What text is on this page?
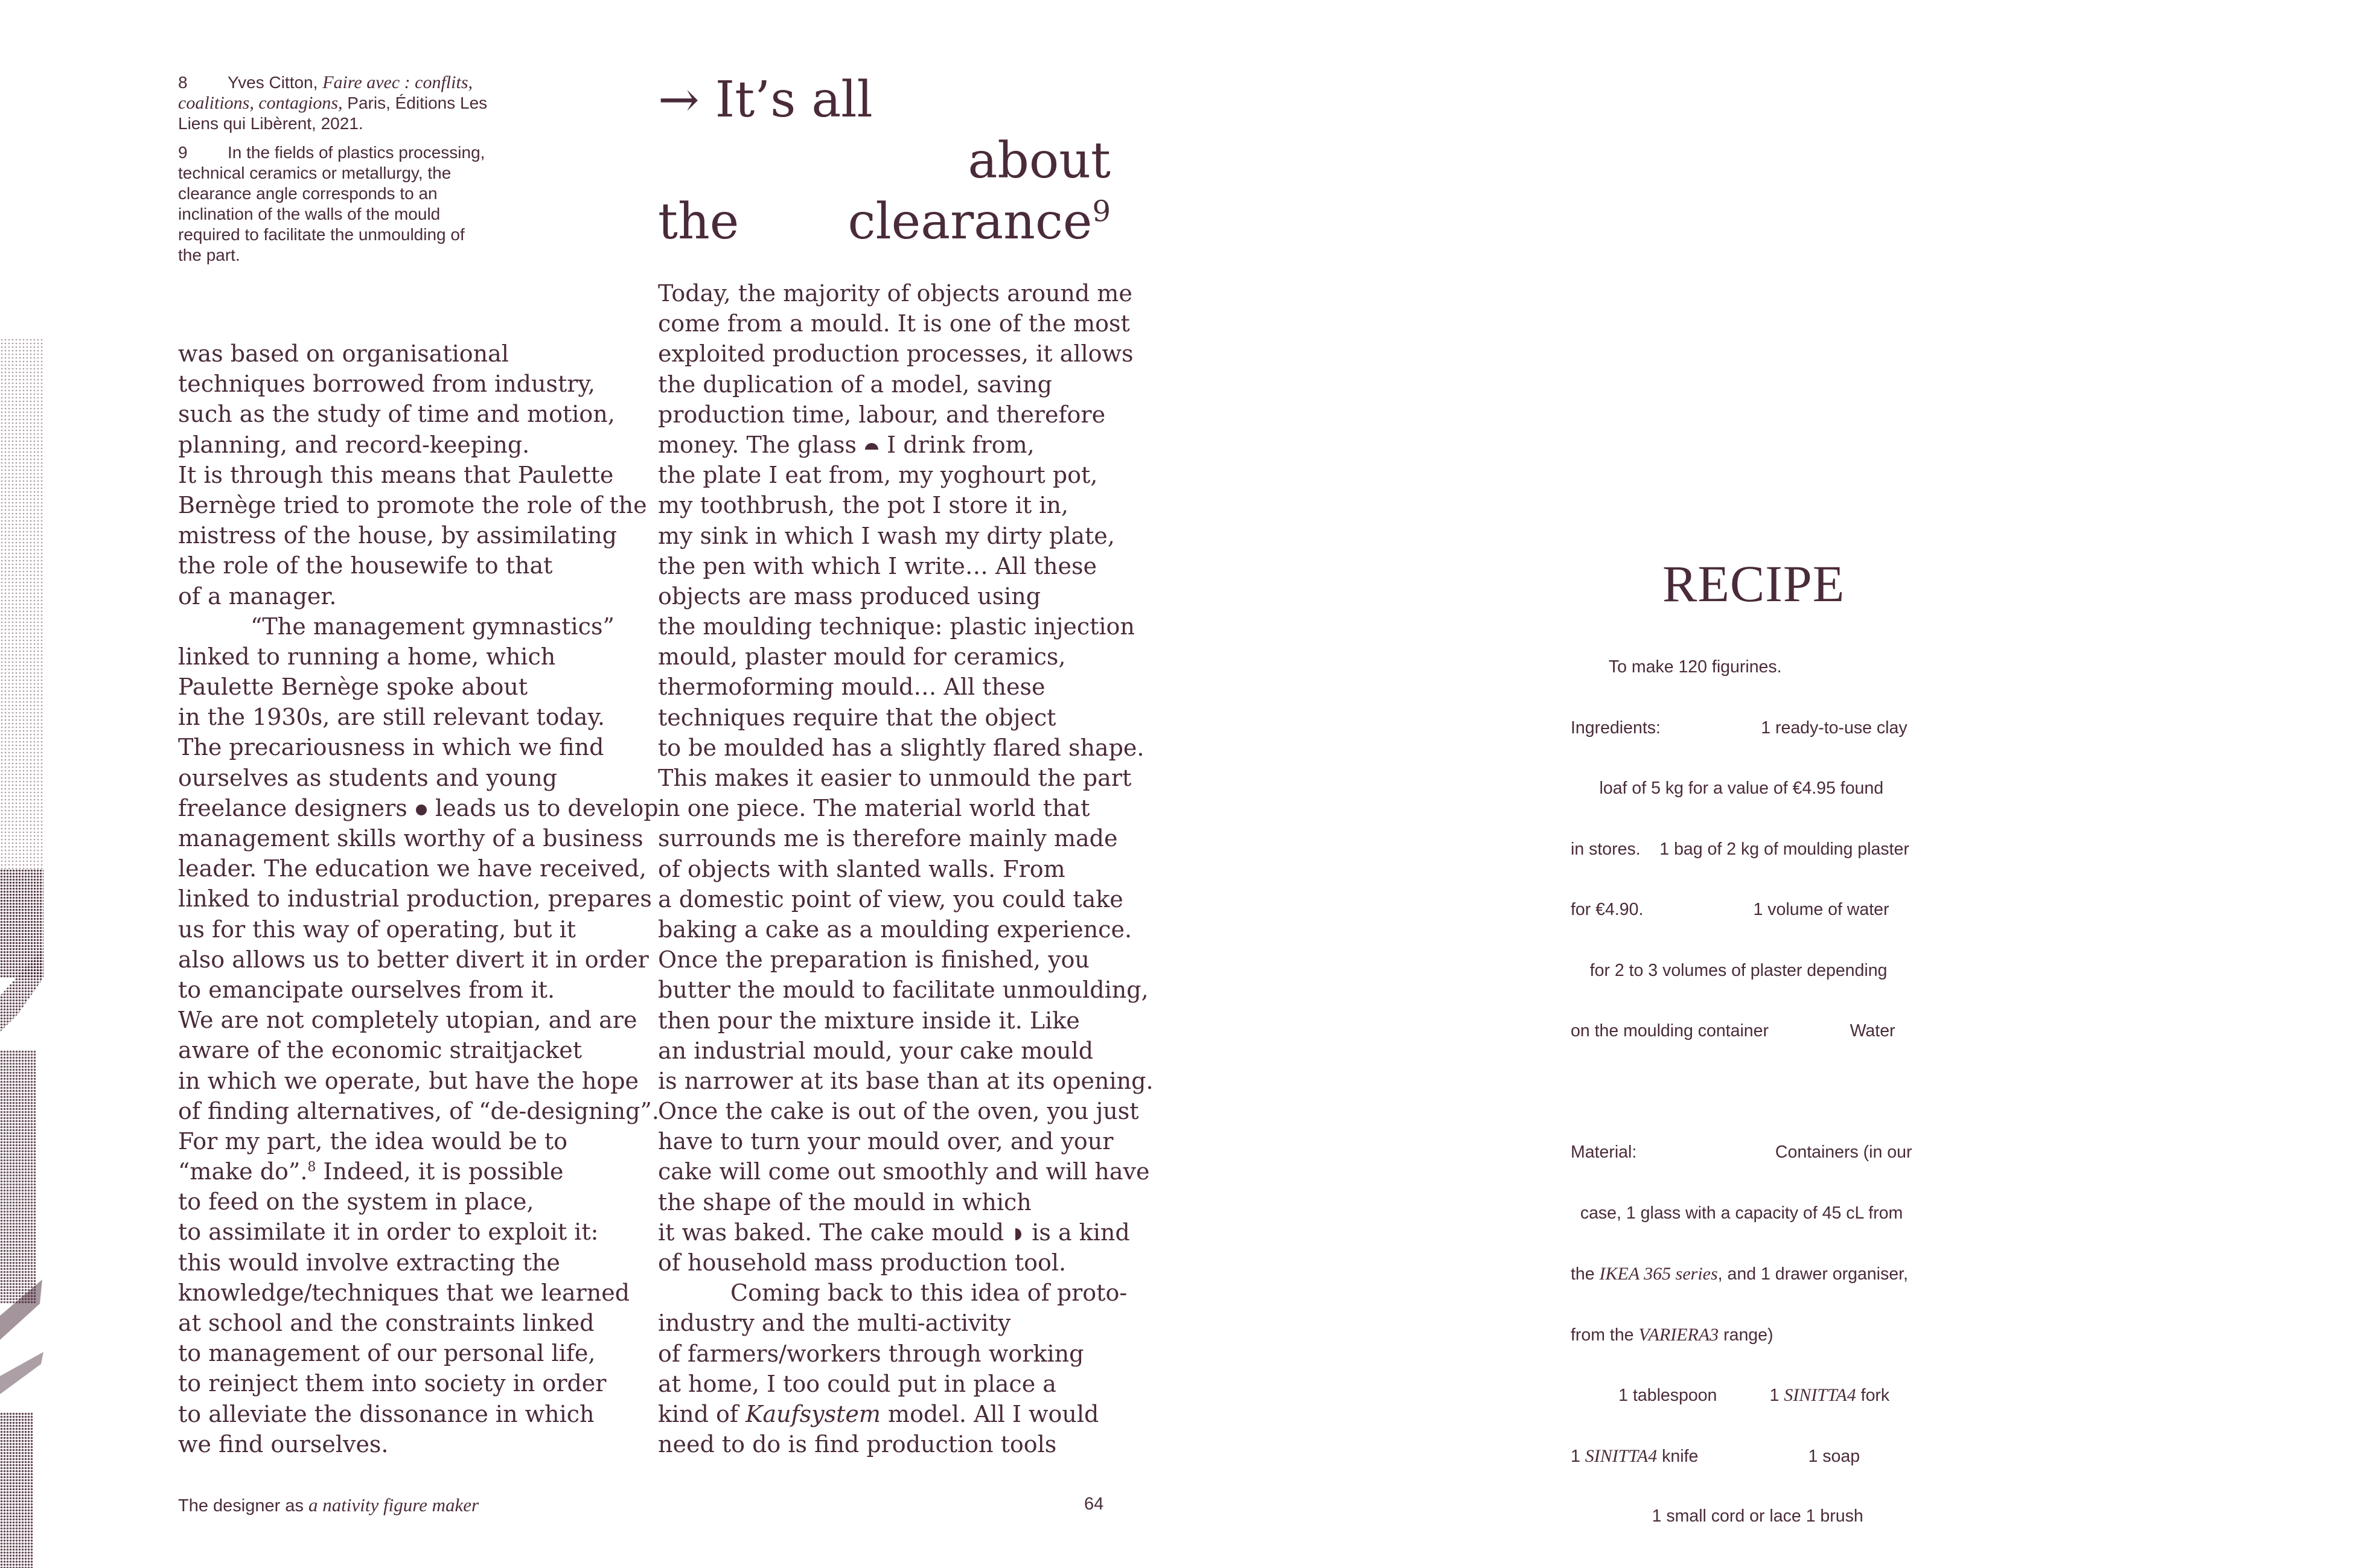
8 Yves Citton, Faire avec : conflits, coalitions, contagions, Paris, Éditions Les Liens qui Libèrent, 2021.
9 In the fields of plastics processing, technical ceramics or metallurgy, the clearance angle corresponds to an inclination of the walls of the mould required to facilitate the unmoulding of the part.
was based on organisational
techniques borrowed from industry,
such as the study of time and motion,
planning, and record-keeping.
It is through this means that Paulette
Bernège tried to promote the role of the
mistress of the house, by assimilating
the role of the housewife to that
of a manager.
“The management gymnastics”
linked to running a home, which
Paulette Bernège spoke about
in the 1930s, are still relevant today.
The precariousness in which we find
ourselves as students and young
freelance designers leads us to develop
management skills worthy of a business
leader. The education we have received,
linked to industrial production, prepares
us for this way of operating, but it
also allows us to better divert it in order
to emancipate ourselves from it.
We are not completely utopian, and are
aware of the economic straitjacket
in which we operate, but have the hope
of finding alternatives, of “de-designing”.
For my part, the idea would be to
“make do”.$^8$ Indeed, it is possible
to feed on the system in place,
to assimilate it in order to exploit it:
this would involve extracting the
knowledge/techniques that we learned
at school and the constraints linked
to management of our personal life,
to reinject them into society in order
to alleviate the dissonance in which
we find ourselves.
→ It’s all
about
the clearance$^9$
Today, the majority of objects around me
come from a mould. It is one of the most
exploited production processes, it allows
the duplication of a model, saving
production time, labour, and therefore
money. The glass I drink from,
the plate I eat from, my yoghourt pot,
my toothbrush, the pot I store it in,
my sink in which I wash my dirty plate,
the pen with which I write… All these
objects are mass produced using
the moulding technique: plastic injection
mould, plaster mould for ceramics,
thermoforming mould… All these
techniques require that the object
to be moulded has a slightly flared shape.
This makes it easier to unmould the part
in one piece. The material world that
surrounds me is therefore mainly made
of objects with slanted walls. From
a domestic point of view, you could take
baking a cake as a moulding experience.
Once the preparation is finished, you
butter the mould to facilitate unmoulding,
then pour the mixture inside it. Like
an industrial mould, your cake mould
is narrower at its base than at its opening.
Once the cake is out of the oven, you just
have to turn your mould over, and your
cake will come out smoothly and will have
the shape of the mould in which
it was baked. The cake mould is a kind
of household mass production tool.
Coming back to this idea of proto-
industry and the multi-activity
of farmers/workers through working
at home, I too could put in place a
kind of Kaufsystem model. All I would
need to do is find production tools
The designer as a nativity figure maker	64
RECIPE

To make 120 figurines.

Ingredients:                     1 ready-to-use clay

loaf of 5 kg for a value of €4.95 found

in stores.    1 bag of 2 kg of moulding plaster

for €4.90.                       1 volume of water

for 2 to 3 volumes of plaster depending

on the moulding container                 Water

Material:                             Containers (in our

case, 1 glass with a capacity of 45 cL from

the IKEA 365 series, and 1 drawer organiser,

from the VARIERA3 range)

1 tablespoon           1 SINITTA4 fork

1 SINITTA4 knife                       1 soap

1 small cord or lace 1 brush
